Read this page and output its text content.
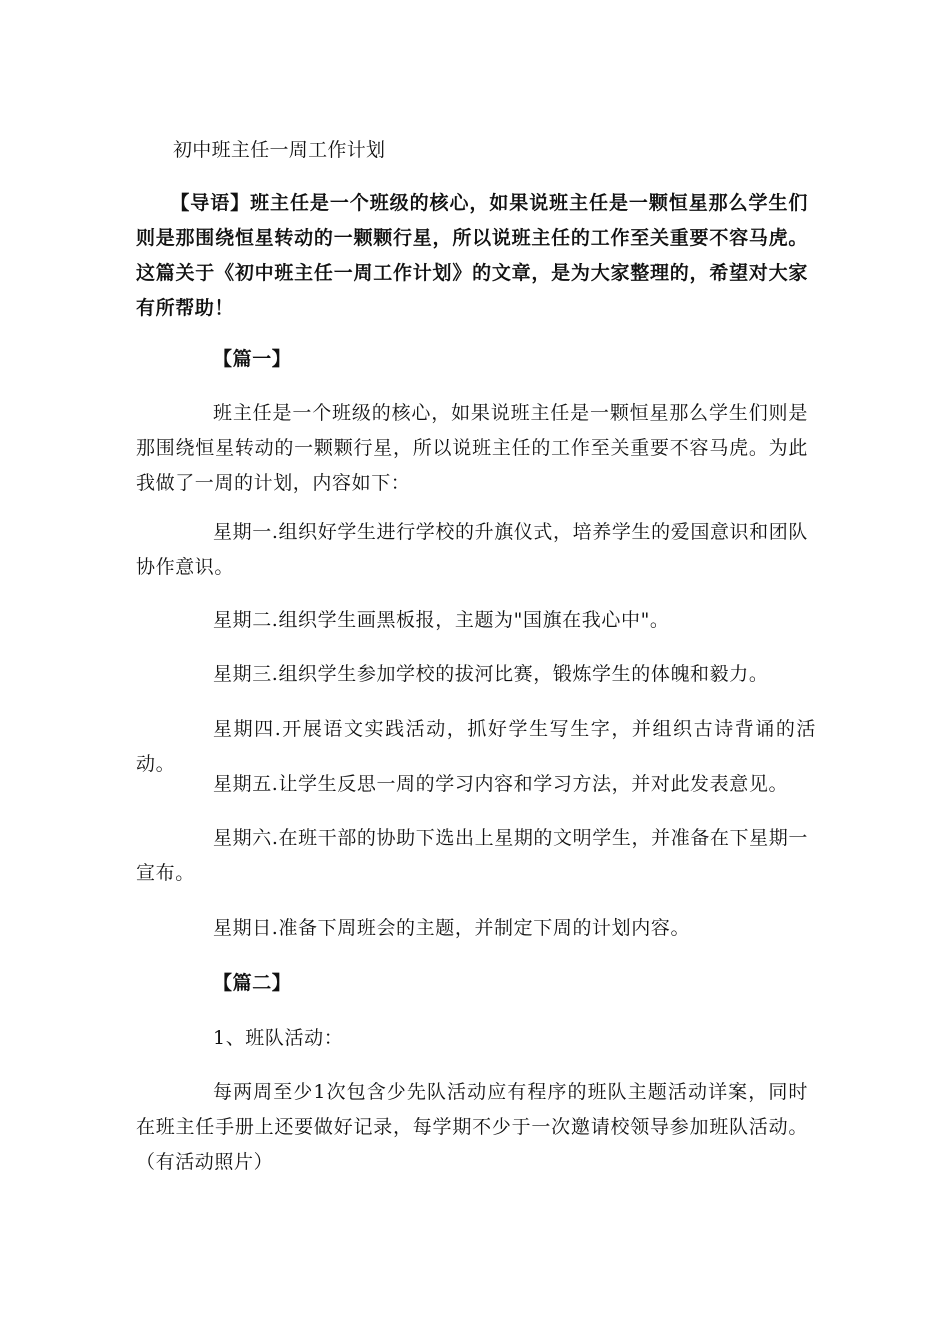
初中班主任一周工作计划
【导语】班主任是一个班级的核心，如果说班主任是一颗恒星那么学生们则是那围绕恒星转动的一颗颗行星，所以说班主任的工作至关重要不容马虎。这篇关于《初中班主任一周工作计划》的文章，是为大家整理的，希望对大家有所帮助！
【篇一】
班主任是一个班级的核心，如果说班主任是一颗恒星那么学生们则是那围绕恒星转动的一颗颗行星，所以说班主任的工作至关重要不容马虎。为此我做了一周的计划，内容如下：
星期一.组织好学生进行学校的升旗仪式，培养学生的爱国意识和团队协作意识。
星期二.组织学生画黑板报，主题为"国旗在我心中"。
星期三.组织学生参加学校的拔河比赛，锻炼学生的体魄和毅力。
星期四.开展语文实践活动，抓好学生写生字，并组织古诗背诵的活动。
星期五.让学生反思一周的学习内容和学习方法，并对此发表意见。
星期六.在班干部的协助下选出上星期的文明学生，并准备在下星期一宣布。
星期日.准备下周班会的主题，并制定下周的计划内容。
【篇二】
1、班队活动：
每两周至少1次包含少先队活动应有程序的班队主题活动详案，同时在班主任手册上还要做好记录，每学期不少于一次邀请校领导参加班队活动。（有活动照片）
